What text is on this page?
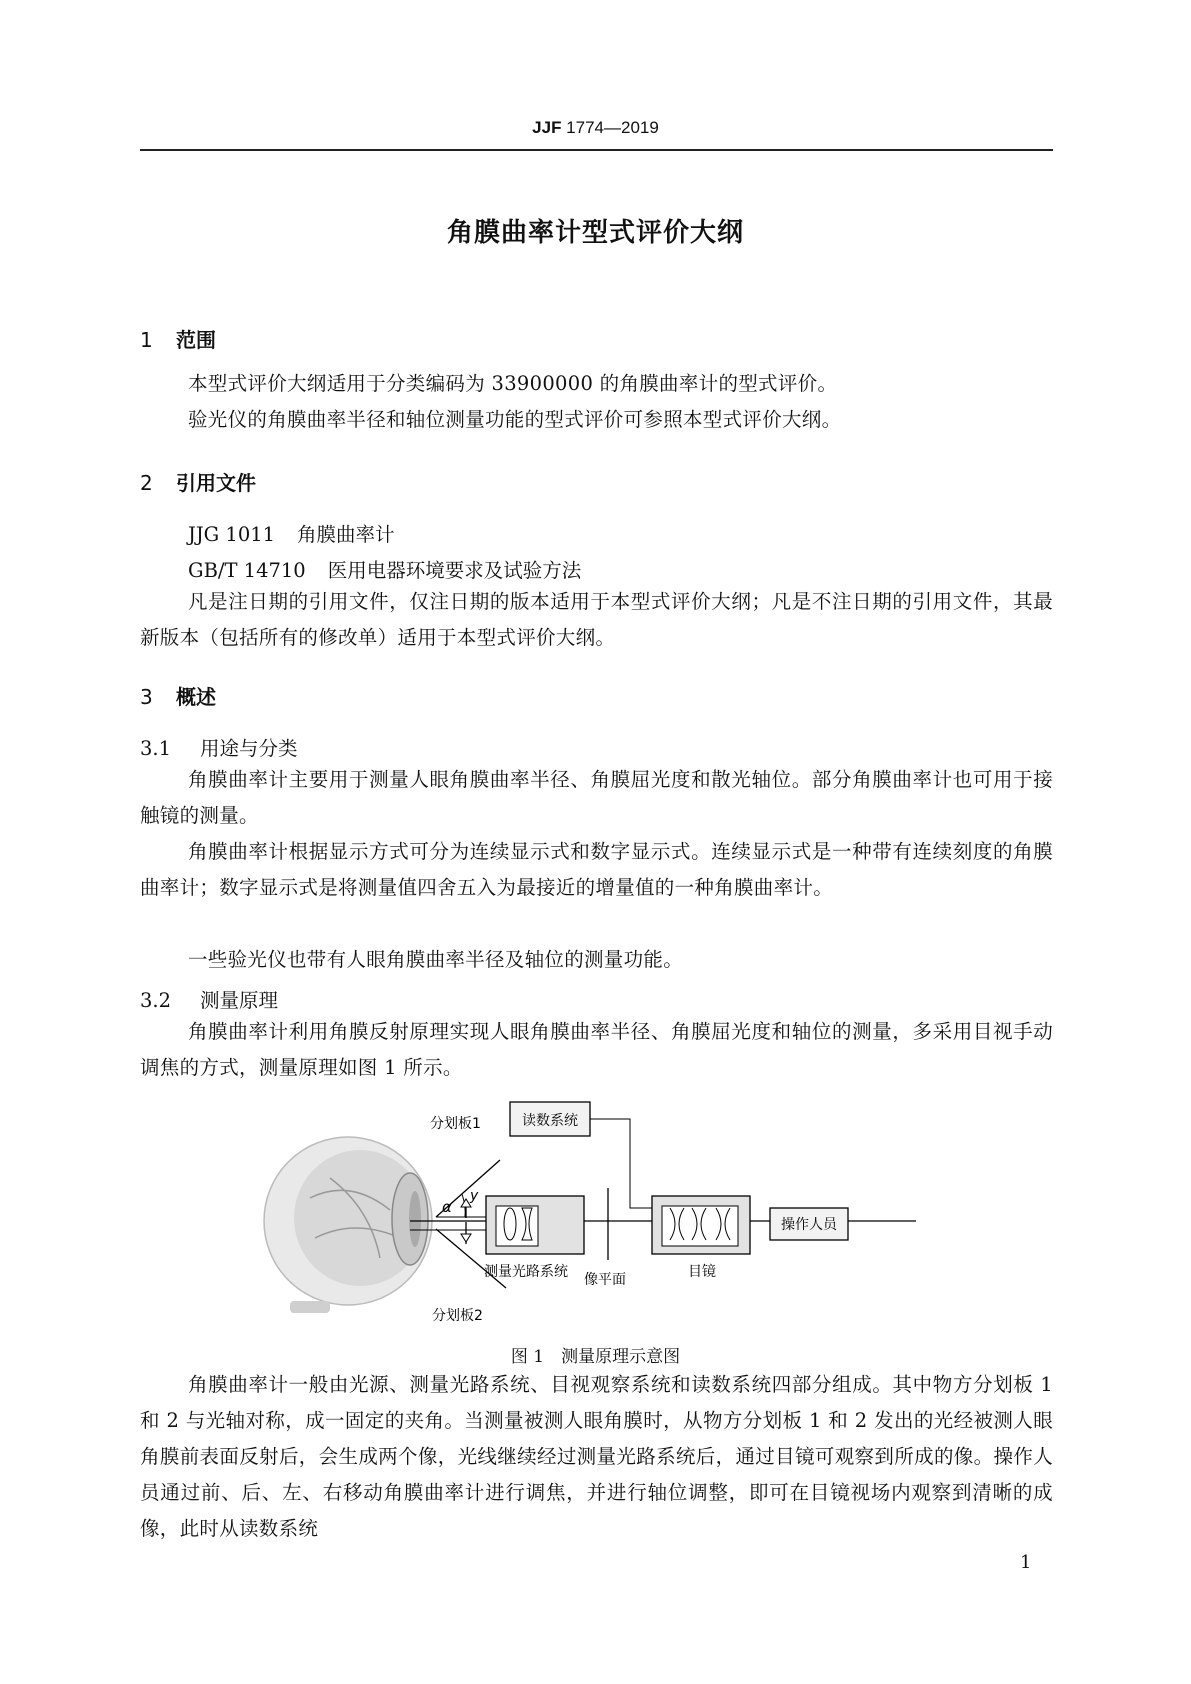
JJF 1774—2019
角膜曲率计型式评价大纲
1 范围

本型式评价大纲适用于分类编码为 33900000 的角膜曲率计的型式评价。

验光仪的角膜曲率半径和轴位测量功能的型式评价可参照本型式评价大纲。

2 引用文件
JJG 1011 角膜曲率计
GB/T 14710 医用电器环境要求及试验方法

凡是注日期的引用文件，仅注日期的版本适用于本型式评价大纲；凡是不注日期的引用文件，其最新版本（包括所有的修改单）适用于本型式评价大纲。

3 概述
3.1 用途与分类

角膜曲率计主要用于测量人眼角膜曲率半径、角膜屈光度和散光轴位。部分角膜曲率计也可用于接触镜的测量。

角膜曲率计根据显示方式可分为连续显示式和数字显示式。连续显示式是一种带有连续刻度的角膜曲率计；数字显示式是将测量值四舍五入为最接近的增量值的一种角膜曲率计。

一些验光仪也带有人眼角膜曲率半径及轴位的测量功能。

3.2 测量原理

角膜曲率计利用角膜反射原理实现人眼角膜曲率半径、角膜屈光度和轴位的测量，多采用目视手动调焦的方式，测量原理如图 1 所示。

α
y
测量光路系统 像平面
读数系统
目镜
操作人员
分划板1
分划板2
图 1　测量原理示意图

角膜曲率计一般由光源、测量光路系统、目视观察系统和读数系统四部分组成。其中物方分划板 1 和 2 与光轴对称，成一固定的夹角。当测量被测人眼角膜时，从物方分划板 1 和 2 发出的光经被测人眼角膜前表面反射后，会生成两个像，光线继续经过测量光路系统后，通过目镜可观察到所成的像。操作人员通过前、后、左、右移动角膜曲率计进行调焦，并进行轴位调整，即可在目镜视场内观察到清晰的成像，此时从读数系统

1
